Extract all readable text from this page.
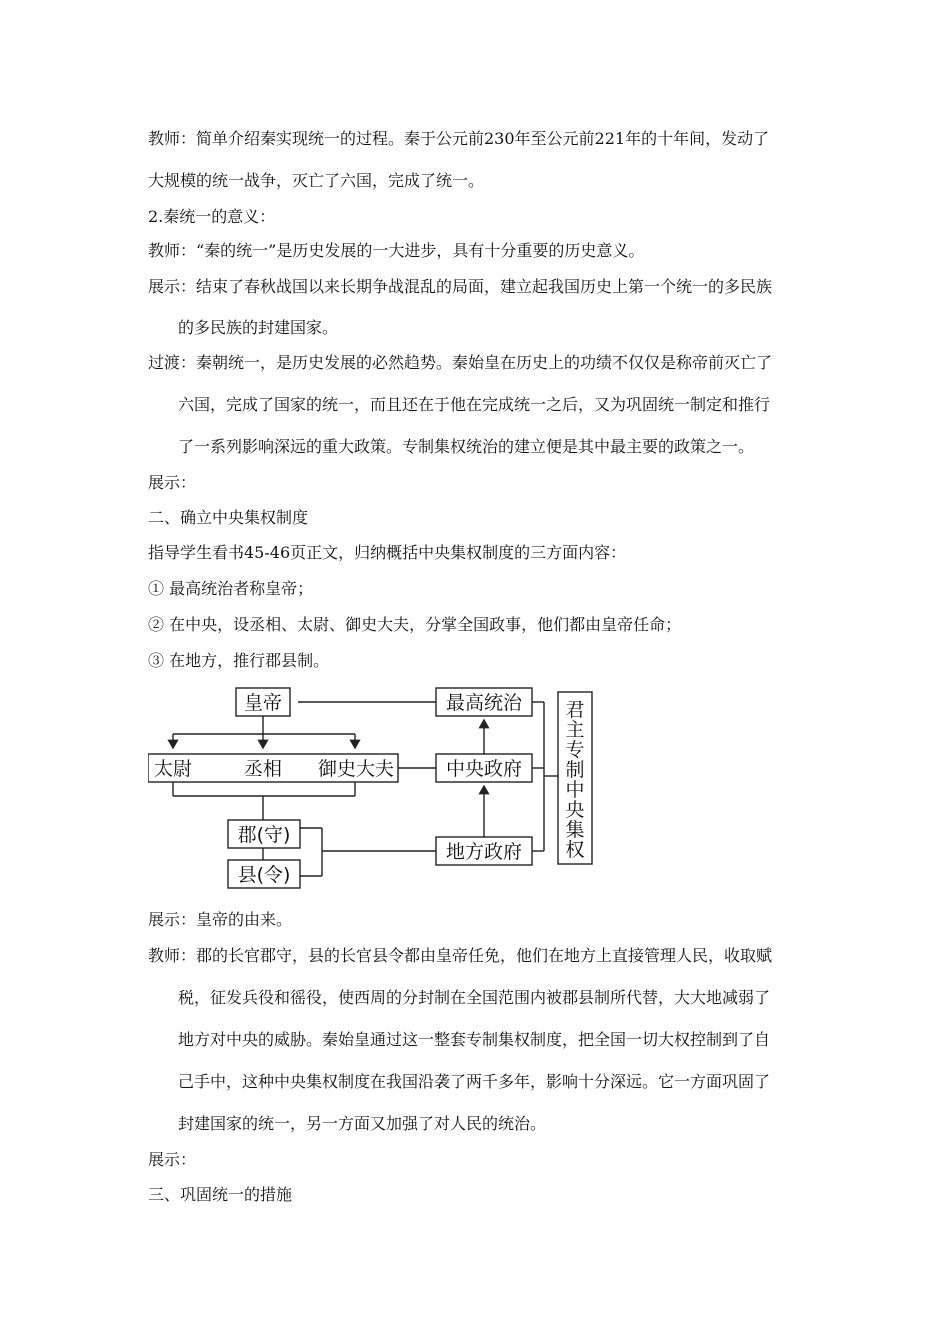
教师：简单介绍秦实现统一的过程。秦于公元前230年至公元前221年的十年间，发动了
大规模的统一战争，灭亡了六国，完成了统一。
2.秦统一的意义：
教师：“秦的统一”是历史发展的一大进步，具有十分重要的历史意义。
展示：结束了春秋战国以来长期争战混乱的局面，建立起我国历史上第一个统一的多民族
的多民族的封建国家。
过渡：秦朝统一，是历史发展的必然趋势。秦始皇在历史上的功绩不仅仅是称帝前灭亡了
六国，完成了国家的统一，而且还在于他在完成统一之后，又为巩固统一制定和推行
了一系列影响深远的重大政策。专制集权统治的建立便是其中最主要的政策之一。
展示：
二、确立中央集权制度
指导学生看书45-46页正文，归纳概括中央集权制度的三方面内容：
① 最高统治者称皇帝；
② 在中央，设丞相、太尉、御史大夫，分掌全国政事，他们都由皇帝任命；
③ 在地方，推行郡县制。
皇帝
太尉	丞相 御史大夫
郡(守)
县(令)
最高统治
中央政府
地方政府
君
主
专
制
中
央
集
权
展示：皇帝的由来。
教师：郡的长官郡守，县的长官县令都由皇帝任免，他们在地方上直接管理人民，收取赋
税，征发兵役和徭役，使西周的分封制在全国范围内被郡县制所代替，大大地减弱了
地方对中央的威胁。秦始皇通过这一整套专制集权制度，把全国一切大权控制到了自
己手中，这种中央集权制度在我国沿袭了两千多年，影响十分深远。它一方面巩固了
封建国家的统一，另一方面又加强了对人民的统治。
展示：
三、巩固统一的措施
